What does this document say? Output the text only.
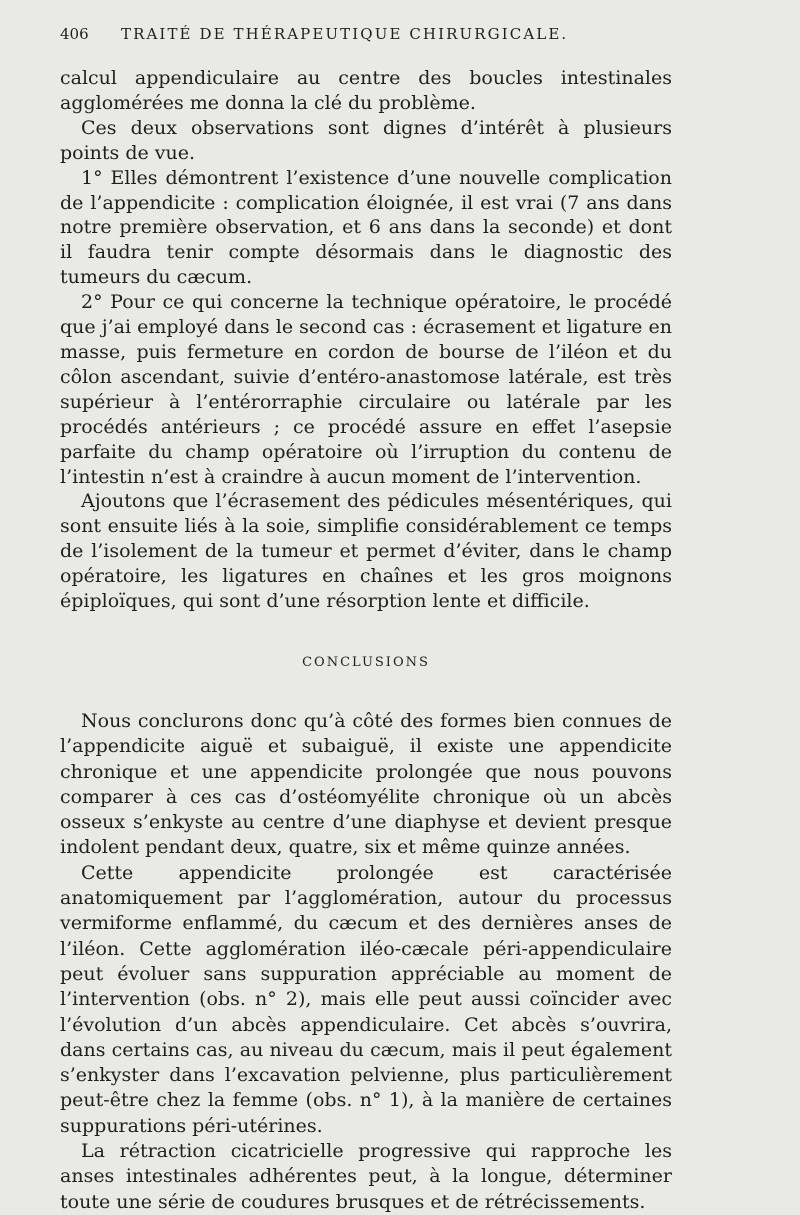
406 TRAITÉ DE THÉRAPEUTIQUE CHIRURGICALE.

calcul appendiculaire au centre des boucles intestinales agglomérées me donna la clé du problème.

Ces deux observations sont dignes d’intérêt à plusieurs points de vue.

1° Elles démontrent l’existence d’une nouvelle complication de l’appendicite : complication éloignée, il est vrai (7 ans dans notre première observation, et 6 ans dans la seconde) et dont il faudra tenir compte désormais dans le diagnostic des tumeurs du cæcum.

2° Pour ce qui concerne la technique opératoire, le procédé que j’ai employé dans le second cas : écrasement et ligature en masse, puis fermeture en cordon de bourse de l’iléon et du côlon ascendant, suivie d’entéro-anastomose latérale, est très supérieur à l’entérorraphie circulaire ou latérale par les procédés antérieurs ; ce procédé assure en effet l’asepsie parfaite du champ opératoire où l’irruption du contenu de l’intestin n’est à craindre à aucun moment de l’intervention.

Ajoutons que l’écrasement des pédicules mésentériques, qui sont ensuite liés à la soie, simplifie considérablement ce temps de l’isolement de la tumeur et permet d’éviter, dans le champ opératoire, les ligatures en chaînes et les gros moignons épiploïques, qui sont d’une résorption lente et difficile.

CONCLUSIONS

Nous conclurons donc qu’à côté des formes bien connues de l’appendicite aiguë et subaiguë, il existe une appendicite chronique et une appendicite prolongée que nous pouvons comparer à ces cas d’ostéomyélite chronique où un abcès osseux s’enkyste au centre d’une diaphyse et devient presque indolent pendant deux, quatre, six et même quinze années.

Cette appendicite prolongée est caractérisée anatomiquement par l’agglomération, autour du processus vermiforme enflammé, du cæcum et des dernières anses de l’iléon. Cette agglomération iléo-cæcale péri-appendiculaire peut évoluer sans suppuration appréciable au moment de l’intervention (obs. n° 2), mais elle peut aussi coïncider avec l’évolution d’un abcès appendiculaire. Cet abcès s’ouvrira, dans certains cas, au niveau du cæcum, mais il peut également s’enkyster dans l’excavation pelvienne, plus particulièrement peut-être chez la femme (obs. n° 1), à la manière de certaines suppurations péri-utérines.

La rétraction cicatricielle progressive qui rapproche les anses intestinales adhérentes peut, à la longue, déterminer toute une série de coudures brusques et de rétrécissements.
